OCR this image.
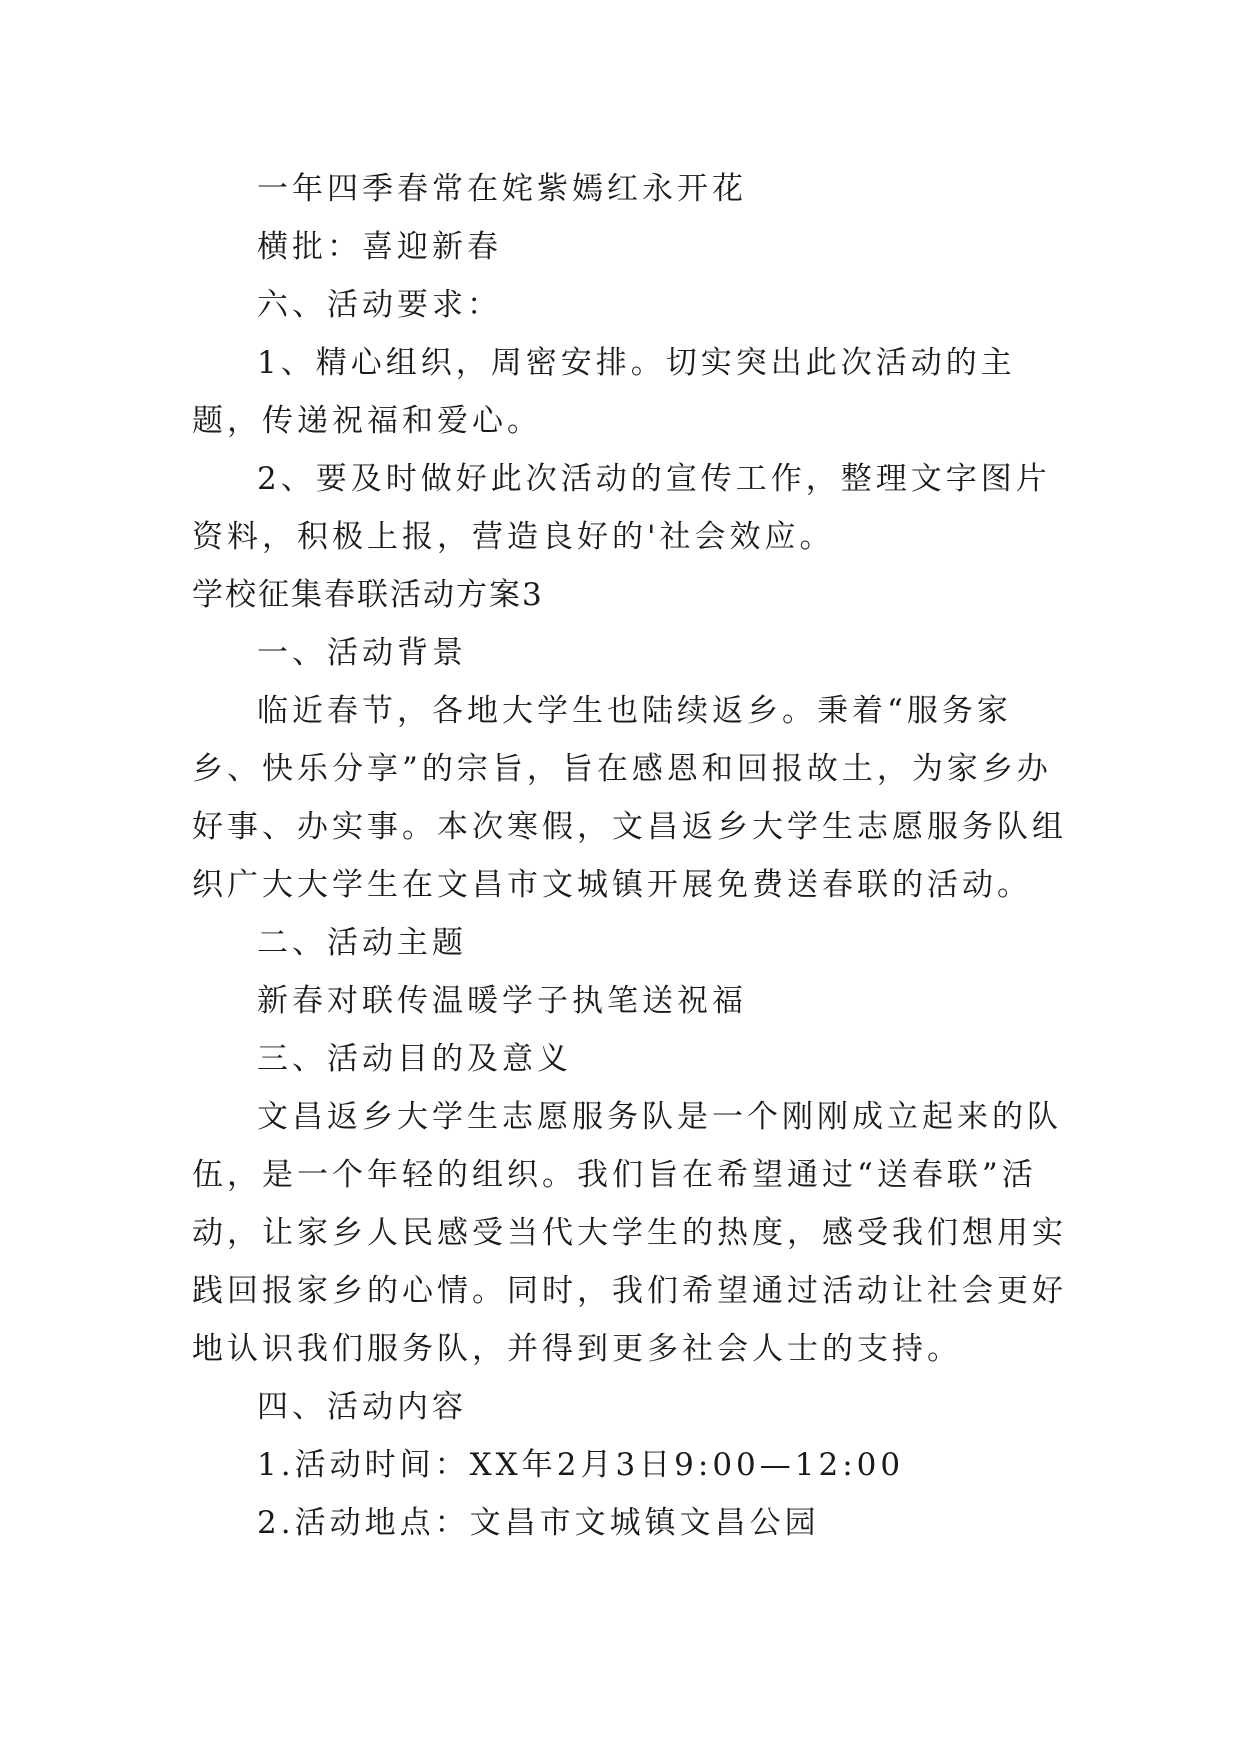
一年四季春常在姹紫嫣红永开花

横批：喜迎新春

六、活动要求：

1、精心组织，周密安排。切实突出此次活动的主题，传递祝福和爱心。

2、要及时做好此次活动的宣传工作，整理文字图片资料，积极上报，营造良好的'社会效应。

学校征集春联活动方案3

一、活动背景

临近春节，各地大学生也陆续返乡。秉着“服务家乡、快乐分享”的宗旨，旨在感恩和回报故土，为家乡办好事、办实事。本次寒假，文昌返乡大学生志愿服务队组织广大大学生在文昌市文城镇开展免费送春联的活动。

二、活动主题

新春对联传温暖学子执笔送祝福

三、活动目的及意义

文昌返乡大学生志愿服务队是一个刚刚成立起来的队伍，是一个年轻的组织。我们旨在希望通过“送春联”活动，让家乡人民感受当代大学生的热度，感受我们想用实践回报家乡的心情。同时，我们希望通过活动让社会更好地认识我们服务队，并得到更多社会人士的支持。

四、活动内容

1.活动时间：XX年2月3日9:00—12:00

2.活动地点：文昌市文城镇文昌公园
